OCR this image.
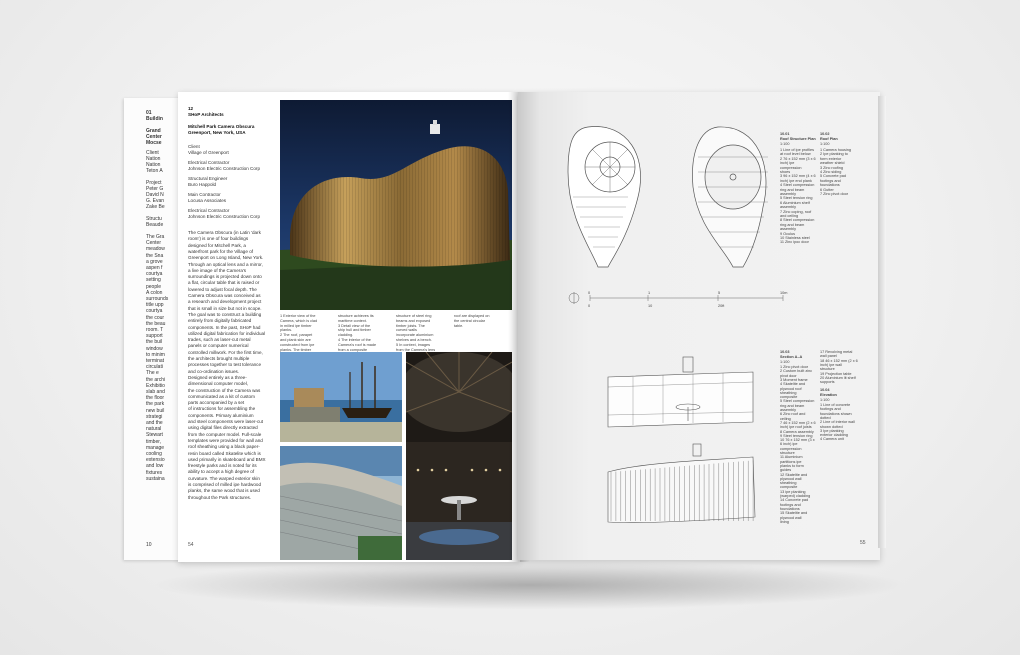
01
Buildin
Grand
Center
Mocse
Client
Nation
Nation
Teton A
Project
Peter G
David N
G. Evan
Zake Be
Structu
Beaude
The Gra
Center
meadow
the Sna
a grove
aspen f
courtya
setting
people
A colon
surrounds
title upp
courtya
the cour
the beau
room. T
support
the buil
window
to minim
terminat
circulati
The e
the archi
Exhibitio
slab and
the floor
the park
new buil
strategi
and the
natural
Stewart
timber,
manage
cooling
extensio
and low
fixtures
sustaina
10
12
SHoP Architects
Mitchell Park Camera Obscura
Greenport, New York, USA
Client
Village of Greenport
Electrical Contractor
Johnson Electric Construction Corp
Structural Engineer
Buro Happold
Main Contractor
Locusa Associates
Electrical Contractor
Johnson Electric Construction Corp
The Camera Obscura (in Latin 'dark
room') is one of four buildings
designed for Mitchell Park, a
waterfront park for the Village of
Greenport on Long Island, New York.
Through an optical lens and a mirror,
a live image of the Camera's
surroundings is projected down onto
a flat, circular table that is raised or
lowered to adjust focal depth. The
Camera Obscura was conceived as
a research and development project
that is small in size but not in scope.
The goal was to construct a building
entirely from digitally fabricated
components. In the past, SHoP had
utilized digital fabrication for individual
trades, such as laser-cut metal
panels or computer numerical
controlled millwork. For the first time,
the architects brought multiple
processes together to test tolerance
and co-ordination issues.
Designed entirely as a three-
dimensional computer model,
the construction of the Camera was
communicated as a kit of custom
parts accompanied by a set
of instructions for assembling the
components. Primary aluminium
and steel components were laser-cut
using digital files directly extracted
from the computer model. Full-scale
templates were provided for wall and
roof sheathing using a black paper-
resin board called Skatelite which is
used primarily in skateboard and BMX
freestyle parks and is noted for its
ability to accept a high degree of
curvature. The warped exterior skin
is comprised of milled ipe hardwood
planks, the same wood that is used
throughout the Park structures.
1 Exterior view of the
Camera, which is clad
in milled ipe timber
planks.
2 The roof, parapet
and plank skin are
constructed from ipe
planks. The timber
structure achieves its
maritime context.
3 Detail view of the
ship hull and timber
cladding.
4 The interior of the
Camera's roof is made
from a composite
structure of steel ring
beams and exposed
timber joists. The
curved walls
incorporate aluminium
shelves and a bench.
5 In context, images
from the Camera's lens
roof are displayed on
the central circular
table.
54
10.01
Roof Structure Plan
1:100
10.02
Roof Plan
1:100
1 Line of ipe profiles
at roof level below
2 76 x 152 mm (3 x 6
inch) ipe
compression
shoes
3 96 x 152 mm (4 x 6
inch) ipe end plank
4 Steel compression
ring and beam
assembly
5 Steel tension ring
6 Aluminium shelf
assembly
7 Zinc coping, roof
and ceiling
8 Steel compression
ring and beam
assembly
9 Oculus
10 Stainless steel
11 Zinc ipoc door
1 Camera housing
2 Ipe planking to
form exterior
weather shield
3 Zinc roofing
4 Zinc siding
5 Concrete pad
footings and
foundations
6 Gutter
7 Zinc pivot door
0	1	5	10m
0	10	20ft
10.03
Section A–A
1:100
10.04
Elevation
1:100
1 Zinc pivot door
2 Custom built zinc
pivot door
3 Moment frame
4 Skatelite and
plywood roof
sheathing
composite
5 Steel compression
ring and beam
assembly
6 Zinc roof and
ceiling
7 46 x 152 mm (2 x 6
inch) ipe roof joists
8 Camera assembly
9 Steel tension ring
10 76 x 152 mm (3 x
6 inch) ipe
compression
structure
11 Aluminium
partitions ipe
planks to form
guides
12 Skatelite and
plywood wall
sheathing
composite
13 ipe planking
(warped) cladding
14 Concrete pad
footings and
foundations
15 Skatelite and
plywood wall
lining
17 Revolving metal
wall panel
18 46 x 152 mm (2 x 6
inch) ipe wall
structure
19 Projection table
20 Aluminium lit shelf
supports
1 Line of concrete
footings and
foundations shown
dotted
2 Line of interior wall
shown dotted
3 Ipe planking
exterior cladding
4 Camera unit
55
